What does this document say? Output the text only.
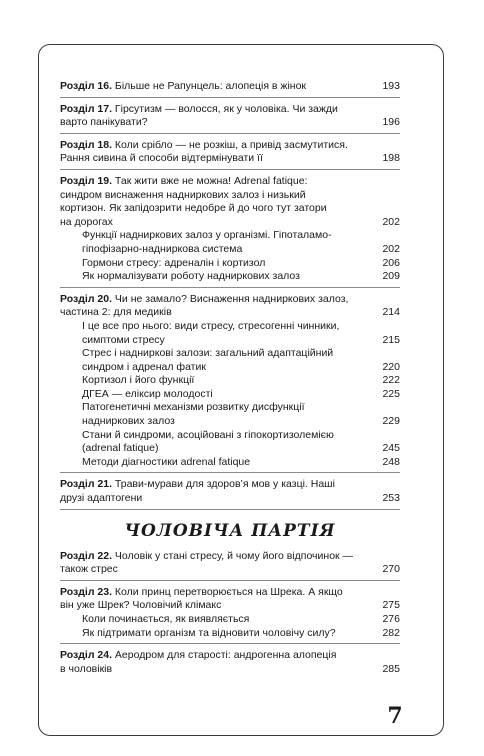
Розділ 16. Більше не Рапунцель: алопеція в жінок	193
Розділ 17. Гірсутизм — волосся, як у чоловіка. Чи зажди
варто панікувати?	196
Розділ 18. Коли срібло — не розкіш, а привід засмутитися.
Рання сивина й способи відтермінувати її	198
Розділ 19. Так жити вже не можна! Adrenal fatique:
синдром виснаження надниркових залоз і низький
кортизон. Як запідозрити недобре й до чого тут затори
на дорогах	202
Функції надниркових залоз у організмі. Гіпоталамо-
гіпофізарно-надниркова система	202
Гормони стресу: адреналін і кортизол	206
Як нормалізувати роботу надниркових залоз	209
Розділ 20. Чи не замало? Виснаження наднирковиx залоз,
частина 2: для медиків	214
І це все про нього: види стресу, стресогенні чинники,
симптоми стресу	215
Стрес і надниркові залози: загальний адаптаційний
синдром і адренал фатик	220
Кортизол і його функції	222
ДГЕА — еліксир молодості	225
Патогенетичні механізми розвитку дисфункції
надниркових залоз	229
Стани й синдроми, асоційовані з гіпокортизолемією
(adrenal fatique)	245
Методи діагностики adrenal fatique	248
Розділ 21. Трави-мурави для здоров’я мов у казці. Наші
друзі адаптогени	253
ЧОЛОВІЧА ПАРТІЯ
Розділ 22. Чоловік у стані стресу, й чому його відпочинок —
також стрес	270
Розділ 23. Коли принц перетворюється на Шрека. А якщо
він уже Шрек? Чоловічий клімакс	275
Коли починається, як виявляється	276
Як підтримати організм та відновити чоловічу силу?	282
Розділ 24. Аеродром для старості: андрогенна алопеція
в чоловіків	285
7
